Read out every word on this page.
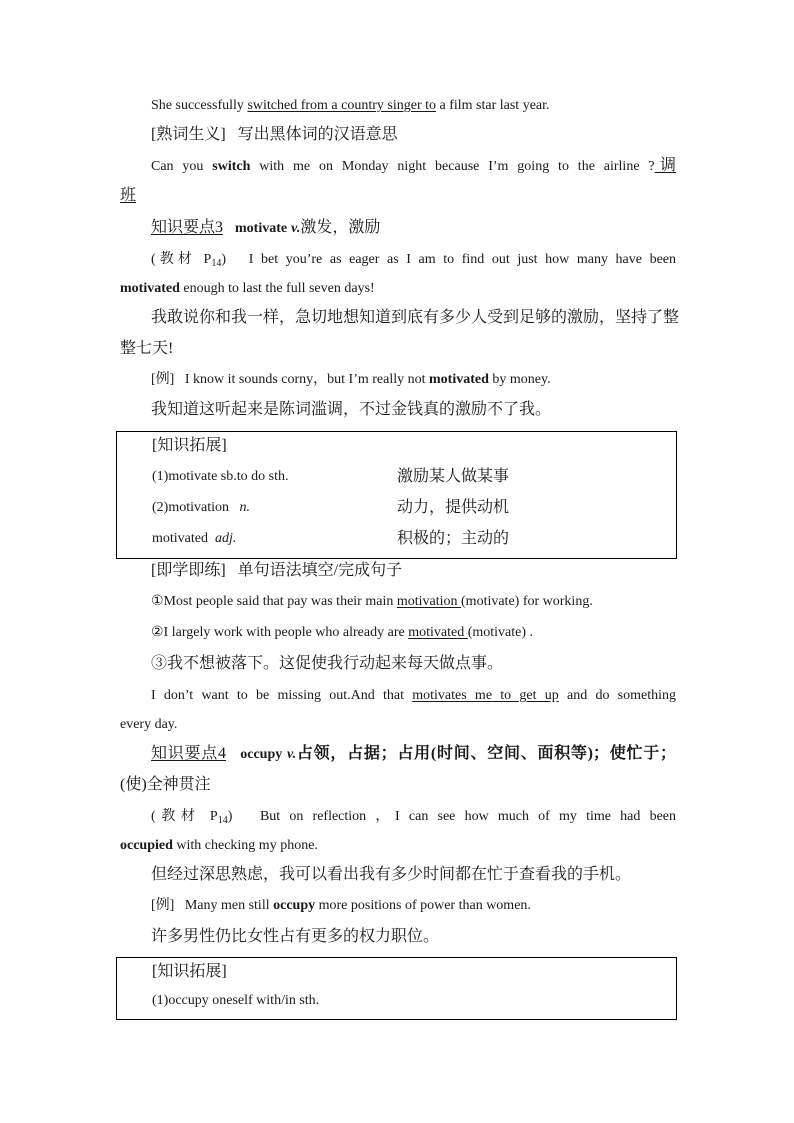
She successfully switched from a country singer to a film star last year.
[熟词生义] 写出黑体词的汉语意思
Can you switch with me on Monday night because I’m going to the airline ?调
班
知识要点3 motivate v.激发，激励
(教材 $P_{14}$) I bet you’re as eager as I am to find out just how many have been
motivated enough to last the full seven days!
我敢说你和我一样，急切地想知道到底有多少人受到足够的激励，坚持了整
整七天!
[例] I know it sounds corny，but I’m really not motivated by money.
我知道这听起来是陈词滥调，不过金钱真的激励不了我。
[知识拓展]
(1)motivate sb.to do sth.	激励某人做某事
(2)motivation   n.	动力，提供动机
motivated  adj.	积极的；主动的
[即学即练] 单句语法填空/完成句子
①Most people said that pay was their main motivation (motivate) for working.
②I largely work with people who already are motivated (motivate) .
③我不想被落下。这促使我行动起来每天做点事。
I don’t want to be missing out.And that motivates me to get up and do something
every day.
知识要点4 occupy v.占领，占据；占用(时间、空间、面积等)；使忙于；
(使)全神贯注
(教材 $P_{14}$) But on reflection ，I can see how much of my time had been
occupied with checking my phone.
但经过深思熟虑，我可以看出我有多少时间都在忙于查看我的手机。
[例] Many men still occupy more positions of power than women.
许多男性仍比女性占有更多的权力职位。
[知识拓展]
(1)occupy oneself with/in sth.
